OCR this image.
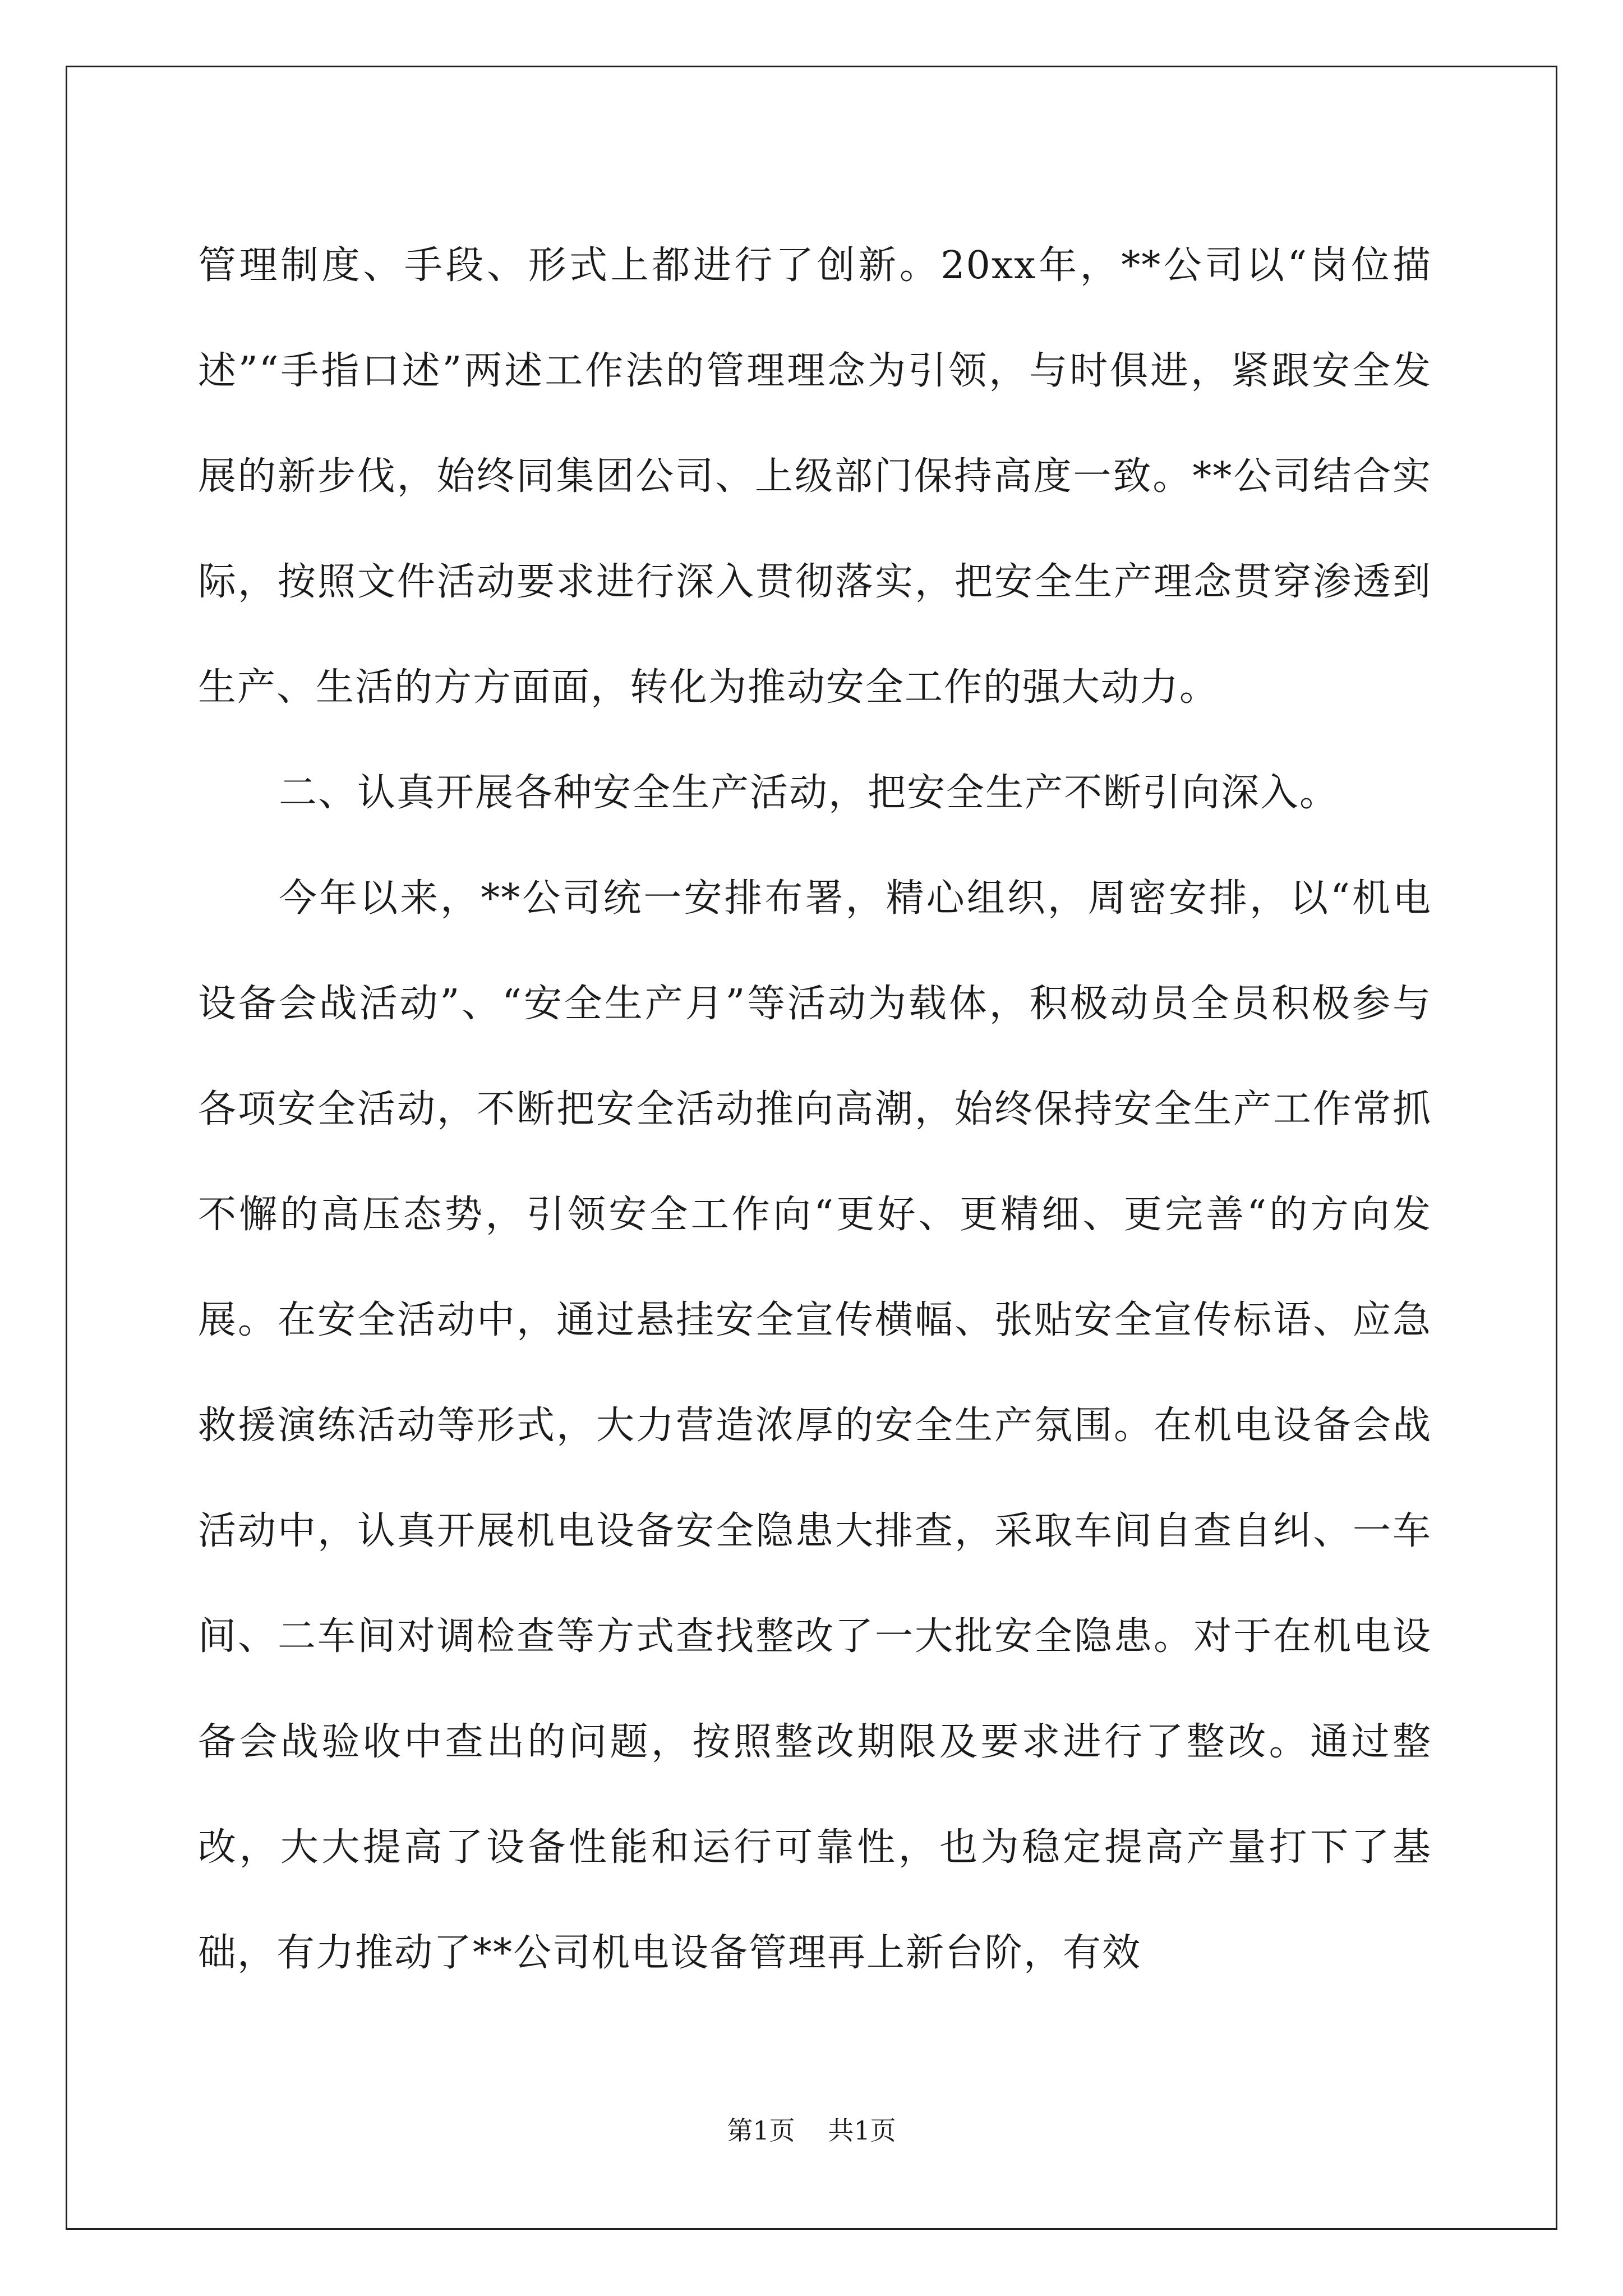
管理制度、手段、形式上都进行了创新。20xx年，**公司以“岗位描述”“手指口述”两述工作法的管理理念为引领，与时俱进，紧跟安全发展的新步伐，始终同集团公司、上级部门保持高度一致。**公司结合实际，按照文件活动要求进行深入贯彻落实，把安全生产理念贯穿渗透到生产、生活的方方面面，转化为推动安全工作的强大动力。

二、认真开展各种安全生产活动，把安全生产不断引向深入。

今年以来，**公司统一安排布署，精心组织，周密安排，以“机电设备会战活动”、“安全生产月”等活动为载体，积极动员全员积极参与各项安全活动，不断把安全活动推向高潮，始终保持安全生产工作常抓不懈的高压态势，引领安全工作向“更好、更精细、更完善“的方向发展。在安全活动中，通过悬挂安全宣传横幅、张贴安全宣传标语、应急救援演练活动等形式，大力营造浓厚的安全生产氛围。在机电设备会战活动中，认真开展机电设备安全隐患大排查，采取车间自查自纠、一车间、二车间对调检查等方式查找整改了一大批安全隐患。对于在机电设备会战验收中查出的问题，按照整改期限及要求进行了整改。通过整改，大大提高了设备性能和运行可靠性，也为稳定提高产量打下了基础，有力推动了**公司机电设备管理再上新台阶，有效

第1页 共1页
